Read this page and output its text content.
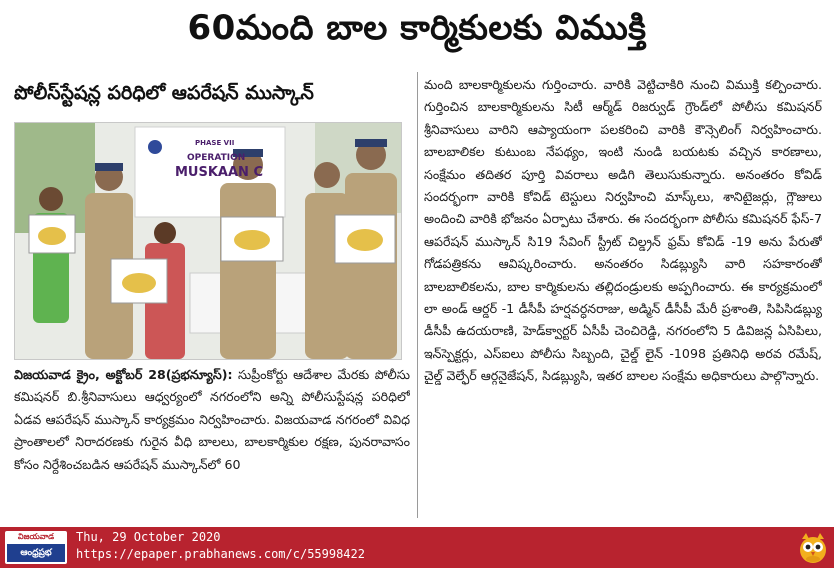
60మంది బాల కార్మికులకు విముక్తి
పోలీస్‌స్టేషన్ల పరిధిలో ఆపరేషన్ ముస్కాన్
PHASE VII
OPERATION
MUSKAAN C
విజయవాడ క్రైం, అక్టోబర్ 28(ప్రభన్యూస్): సుప్రీంకోర్టు ఆదేశాల మేరకు పోలీసు కమిషనర్ బి.శ్రీనివాసులు ఆధ్వర్యంలో నగరంలోని అన్ని పోలీసుస్టేషన్ల పరిధిలో ఏడవ ఆపరేషన్ ముస్కాన్ కార్యక్రమం నిర్వహించారు. విజయవాడ నగరంలో వివిధ ప్రాంతాలలో నిరాదరణకు గురైన వీధి బాలలు, బాలకార్మికుల రక్షణ, పునరావాసం కోసం నిర్దేశించబడిన ఆపరేషన్ ముస్కాన్‌లో 60
మంది బాలకార్మికులను గుర్తించారు. వారికి వెట్టిచాకిరి నుంచి విముక్తి కల్పించారు. గుర్తించిన బాలకార్మికులను సిటీ ఆర్మ్‌డ్ రిజర్వుడ్ గ్రౌండ్‌లో పోలీసు కమిషనర్ శ్రీనివాసులు వారిని ఆప్యాయంగా పలకరించి వారికి కౌన్సెలింగ్ నిర్వహించారు. బాలబాలికల కుటుంబ నేపథ్యం, ఇంటి నుండి బయటకు వచ్చిన కారణాలు, సంక్షేమం తదితర పూర్తి వివరాలు అడిగి తెలుసుకున్నారు. అనంతరం కోవిడ్ సందర్భంగా వారికి కోవిడ్ టెస్టులు నిర్వహించి మాస్క్‌లు, శానిటైజర్లు, గ్లౌజులు అందించి వారికి భోజనం ఏర్పాటు చేశారు. ఈ సందర్భంగా పోలీసు కమిషనర్ ఫేస్-7 ఆపరేషన్ ముస్కాన్ సి19 సేవింగ్ స్ట్రీట్ చిల్డ్రన్ ఫ్రమ్ కోవిడ్ -19 అను పేరుతో గోడపత్రికను ఆవిష్కరించారు. అనంతరం సిడబ్ల్యుసి వారి సహకారంతో బాలబాలికలను, బాల కార్మికులను తల్లిదండ్రులకు అప్పగించారు. ఈ కార్యక్రమంలో లా అండ్ ఆర్డర్ -1 డీసీపీ హర్షవర్ధనరాజు, అడ్మిన్ డీసీపీ మేరీ ప్రశాంతి, సిపిసిడబ్ల్యు డీసీపీ ఉదయరాణి, హెడ్‌క్వార్టర్ ఏసీపీ చెంచిరెడ్డి, నగరంలోని 5 డివిజన్ల ఏసిపిలు, ఇన్‌స్పెక్టర్లు, ఎస్ఐలు పోలీసు సిబ్బంది, చైల్డ్ లైన్ -1098 ప్రతినిధి అరవ రమేష్, చైల్డ్ వెల్ఫేర్ ఆర్గనైజేషన్, సిడబ్ల్యుసి, ఇతర బాలల సంక్షేమ అధికారులు పాల్గొన్నారు.
విజయవాడ
ఆంధ్రప్రభ
Thu, 29 October 2020
https://epaper.prabhanews.com/c/55998422
